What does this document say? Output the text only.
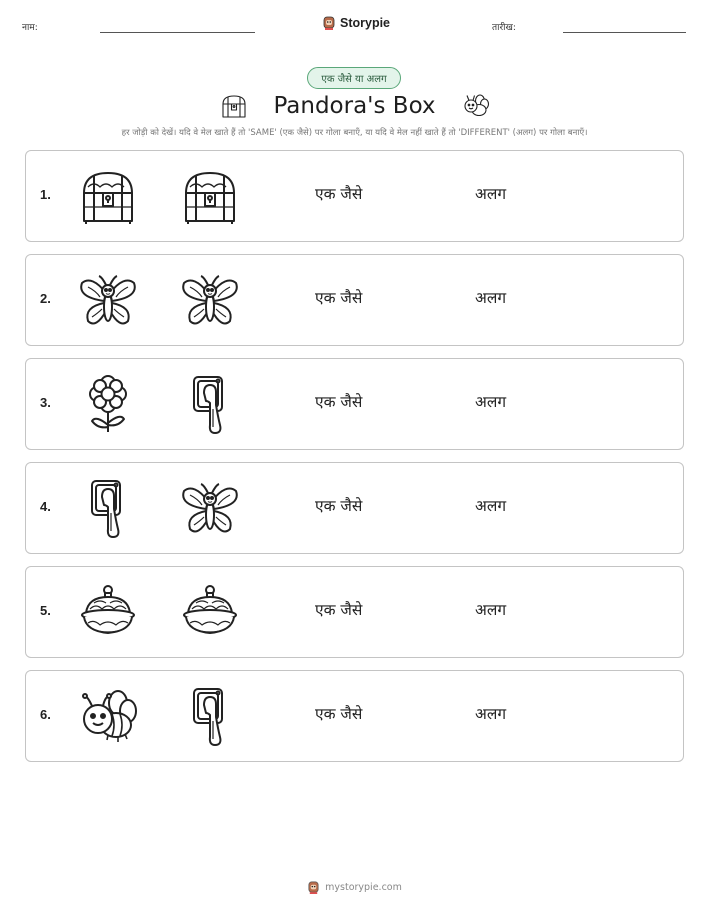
नाम:	Storypie	तारीख:
एक जैसे या अलग
Pandora's Box
हर जोड़ी को देखें। यदि वे मेल खाते हैं तो 'SAME' (एक जैसे) पर गोला बनाएँ, या यदि वे मेल नहीं खाते हैं तो 'DIFFERENT' (अलग) पर गोला बनाएँ।
1.	एक जैसे	अलग
2.	एक जैसे	अलग
3.	एक जैसे	अलग
4.	एक जैसे	अलग
5.	एक जैसे	अलग
6.	एक जैसे	अलग
mystorypie.com
